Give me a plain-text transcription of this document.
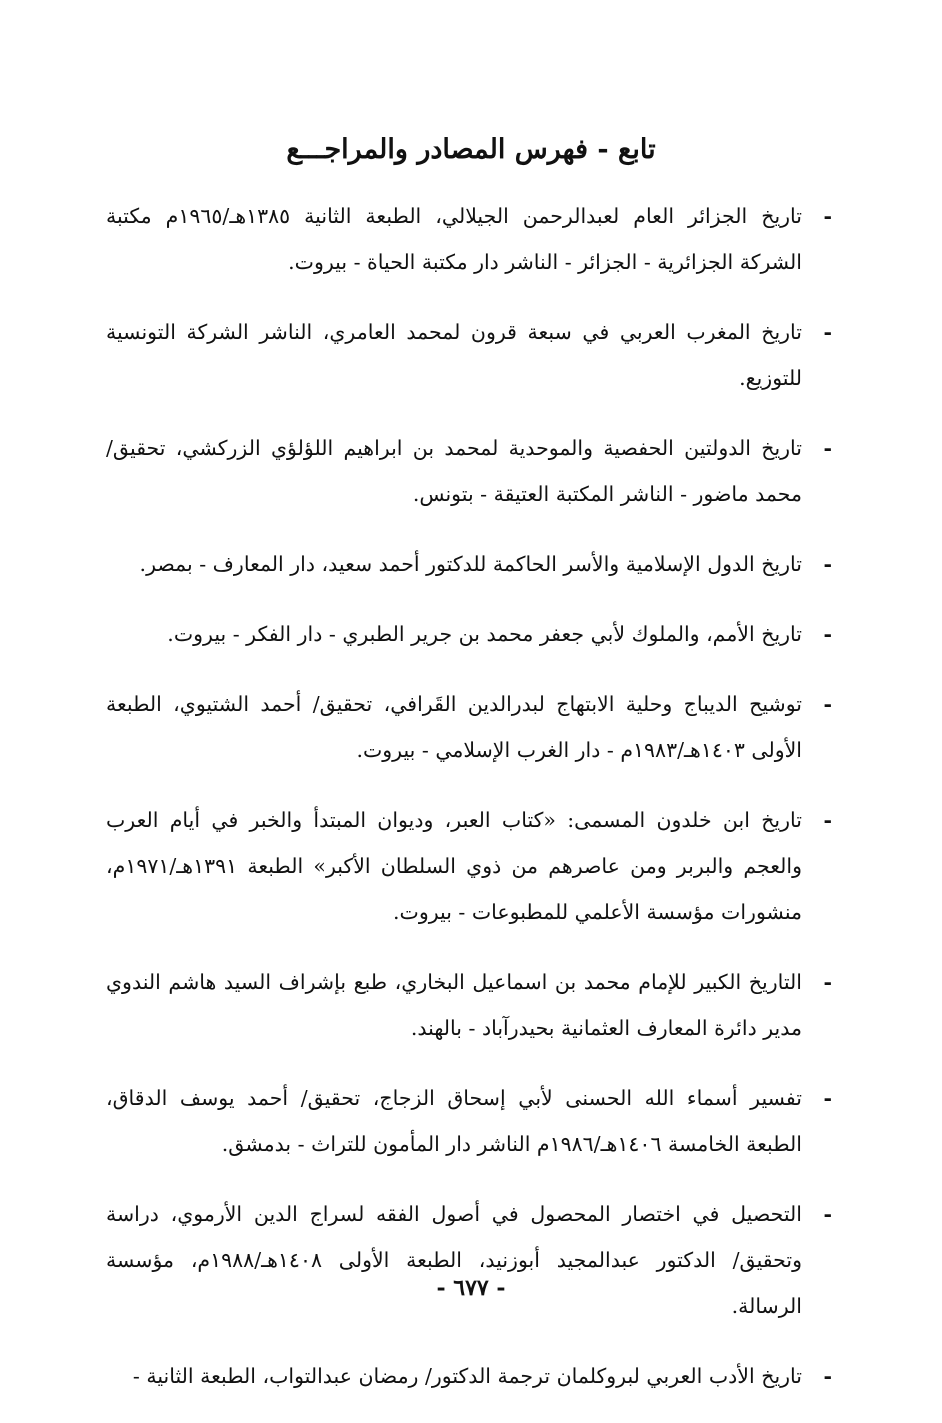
تابع - فهرس المصادر والمراجـــع
-
تاريخ الجزائر العام لعبدالرحمن الجيلالي، الطبعة الثانية ١٣٨٥هـ/١٩٦٥م مكتبة الشركة الجزائرية - الجزائر - الناشر دار مكتبة الحياة - بيروت.
-
تاريخ المغرب العربي في سبعة قرون لمحمد العامري، الناشر الشركة التونسية للتوزيع.
-
تاريخ الدولتين الحفصية والموحدية لمحمد بن ابراهيم اللؤلؤي الزركشي، تحقيق/محمد ماضور - الناشر المكتبة العتيقة - بتونس.
-
تاريخ الدول الإسلامية والأسر الحاكمة للدكتور أحمد سعيد، دار المعارف - بمصر.
-
تاريخ الأمم، والملوك لأبي جعفر محمد بن جرير الطبري - دار الفكر - بيروت.
-
توشيح الديباج وحلية الابتهاج لبدرالدين القَرافي، تحقيق/ أحمد الشتيوي، الطبعة الأولى ١٤٠٣هـ/١٩٨٣م - دار الغرب الإسلامي - بيروت.
-
تاريخ ابن خلدون المسمى: «كتاب العبر، وديوان المبتدأ والخبر في أيام العرب والعجم والبربر ومن عاصرهم من ذوي السلطان الأكبر» الطبعة ١٣٩١هـ/١٩٧١م، منشورات مؤسسة الأعلمي للمطبوعات - بيروت.
-
التاريخ الكبير للإمام محمد بن اسماعيل البخاري، طبع بإشراف السيد هاشم الندوي مدير دائرة المعارف العثمانية بحيدرآباد - بالهند.
-
تفسير أسماء الله الحسنى لأبي إسحاق الزجاج، تحقيق/ أحمد يوسف الدقاق، الطبعة الخامسة ١٤٠٦هـ/١٩٨٦م الناشر دار المأمون للتراث - بدمشق.
-
التحصيل في اختصار المحصول في أصول الفقه لسراج الدين الأرموي، دراسة وتحقيق/ الدكتور عبدالمجيد أبوزنيد، الطبعة الأولى ١٤٠٨هـ/١٩٨٨م، مؤسسة الرسالة.
-
تاريخ الأدب العربي لبروكلمان ترجمة الدكتور/ رمضان عبدالتواب، الطبعة الثانية -
- ٦٧٧ -
